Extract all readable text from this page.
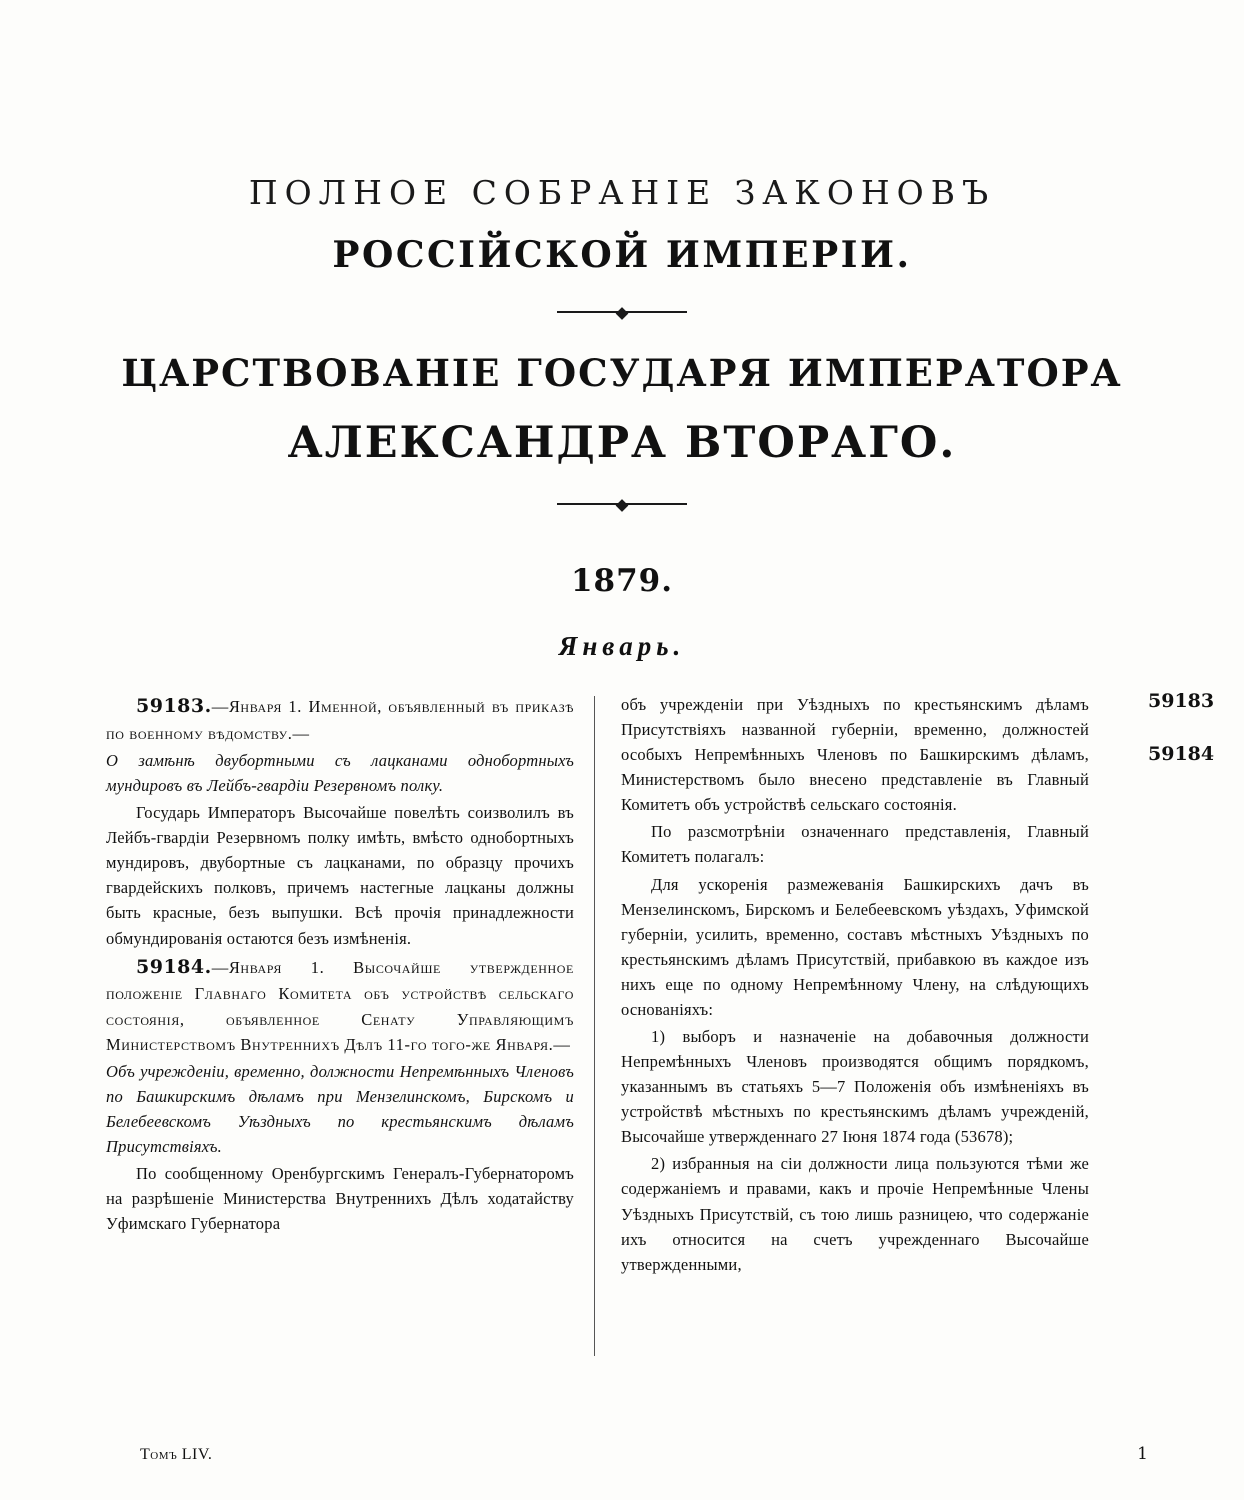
ПОЛНОЕ СОБРАНІЕ ЗАКОНОВЪ
РОССІЙСКОЙ ИМПЕРІИ.
ЦАРСТВОВАНІЕ ГОСУДАРЯ ИМПЕРАТОРА
АЛЕКСАНДРА ВТОРАГО.
1879.
Январь.

59183.—Января 1. Именной, объявленный въ приказѣ по военному вѣдомству.—

О замѣнѣ двубортными съ лацканами однобортныхъ мундировъ въ Лейбъ-гвардіи Резервномъ полку.

Государь Императоръ Высочайше повелѣть соизволилъ въ Лейбъ-гвардіи Резервномъ полку имѣть, вмѣсто однобортныхъ мундировъ, двубортные съ лацканами, по образцу прочихъ гвардейскихъ полковъ, причемъ настегные лацканы должны быть красные, безъ выпушки. Всѣ прочія принадлежности обмундированія остаются безъ измѣненія.

59184.—Января 1. Высочайше утвержденное положеніе Главнаго Комитета объ устройствѣ сельскаго состоянія, объявленное Сенату Управляющимъ Министерствомъ Внутреннихъ Дѣлъ 11-го того-же Января.—

Объ учрежденіи, временно, должности Непремѣнныхъ Членовъ по Башкирскимъ дѣламъ при Мензелинскомъ, Бирскомъ и Белебеевскомъ Уѣздныхъ по крестьянскимъ дѣламъ Присутствіяхъ.

По сообщенному Оренбургскимъ Генералъ-Губернаторомъ на разрѣшеніе Министерства Внутреннихъ Дѣлъ ходатайству Уфимскаго Губернатора

объ учрежденіи при Уѣздныхъ по крестьянскимъ дѣламъ Присутствіяхъ названной губерніи, временно, должностей особыхъ Непремѣнныхъ Членовъ по Башкирскимъ дѣламъ, Министерствомъ было внесено представленіе въ Главный Комитетъ объ устройствѣ сельскаго состоянія.

По разсмотрѣніи означеннаго представленія, Главный Комитетъ полагалъ:

Для ускоренія размежеванія Башкирскихъ дачъ въ Мензелинскомъ, Бирскомъ и Белебеевскомъ уѣздахъ, Уфимской губерніи, усилить, временно, составъ мѣстныхъ Уѣздныхъ по крестьянскимъ дѣламъ Присутствій, прибавкою въ каждое изъ нихъ еще по одному Непремѣнному Члену, на слѣдующихъ основаніяхъ:

1) выборъ и назначеніе на добавочныя должности Непремѣнныхъ Членовъ производятся общимъ порядкомъ, указаннымъ въ статьяхъ 5—7 Положенія объ измѣненіяхъ въ устройствѣ мѣстныхъ по крестьянскимъ дѣламъ учрежденій, Высочайше утвержденнаго 27 Іюня 1874 года (53678);

2) избранныя на сіи должности лица пользуются тѣми же содержаніемъ и правами, какъ и прочіе Непремѣнные Члены Уѣздныхъ Присутствій, съ тою лишь разницею, что содержаніе ихъ относится на счетъ учрежденнаго Высочайше утвержденными,

59183
59184
Томъ LIV.	1
